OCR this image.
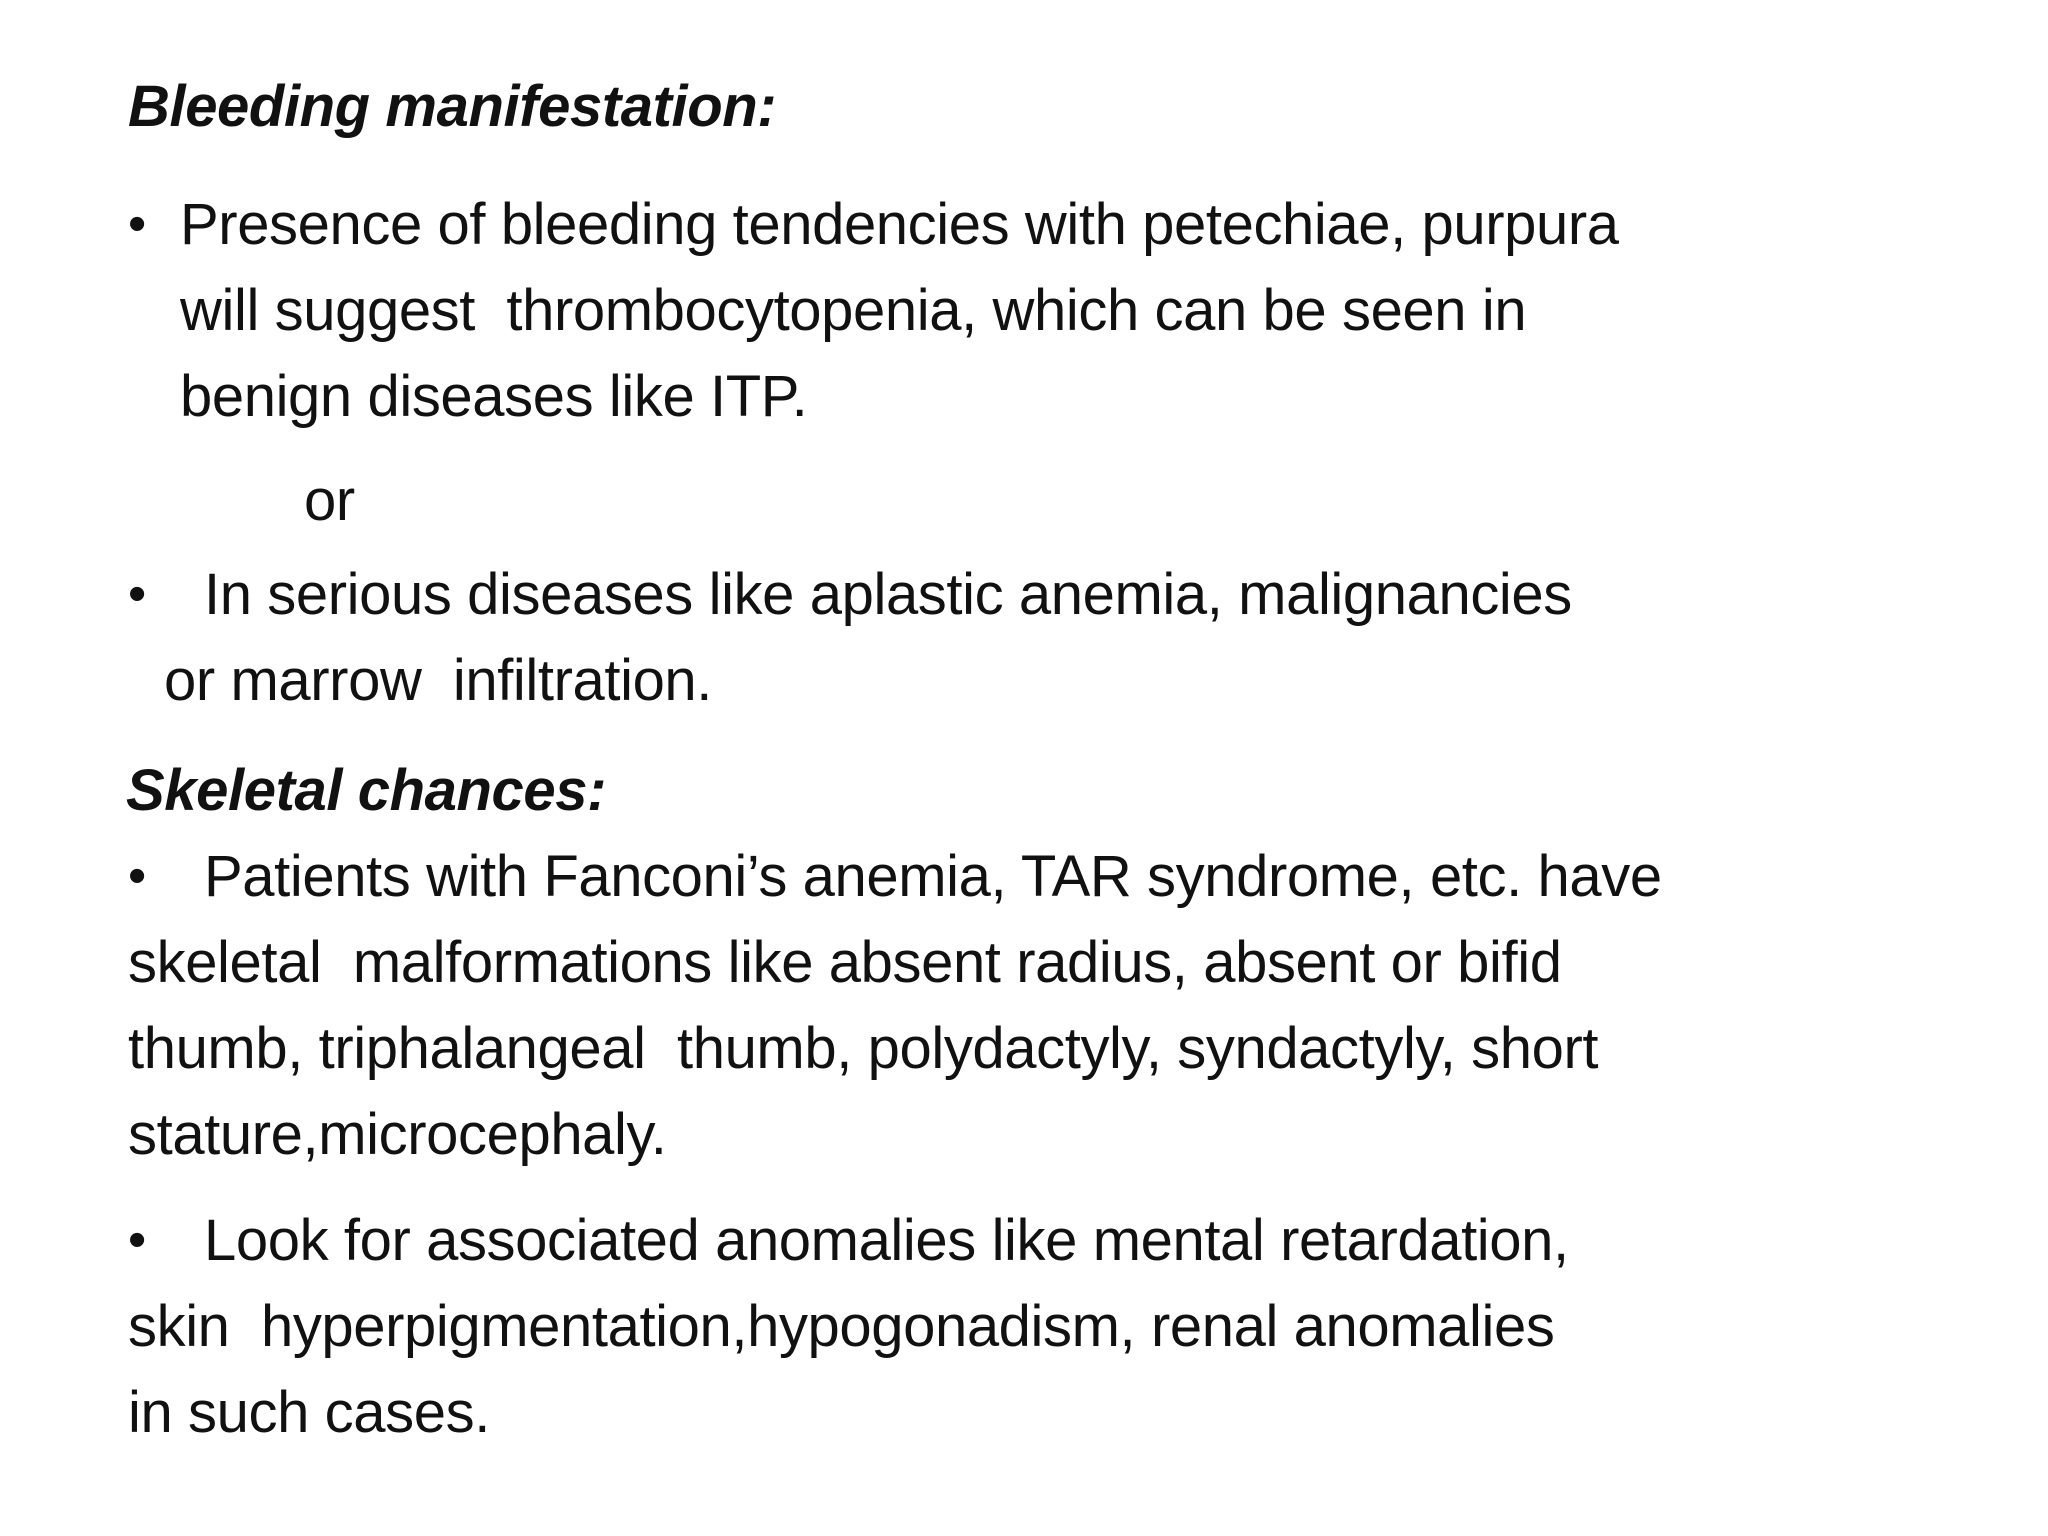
Bleeding manifestation:
• Presence of bleeding tendencies with petechiae, purpura
will suggest  thrombocytopenia, which can be seen in
benign diseases like ITP.
or
• In serious diseases like aplastic anemia, malignancies
or marrow  infiltration.
Skeletal chances:
• Patients with Fanconi’s anemia, TAR syndrome, etc. have
skeletal  malformations like absent radius, absent or bifid
thumb, triphalangeal  thumb, polydactyly, syndactyly, short
stature,microcephaly.
• Look for associated anomalies like mental retardation,
skin  hyperpigmentation,hypogonadism, renal anomalies
in such cases.
